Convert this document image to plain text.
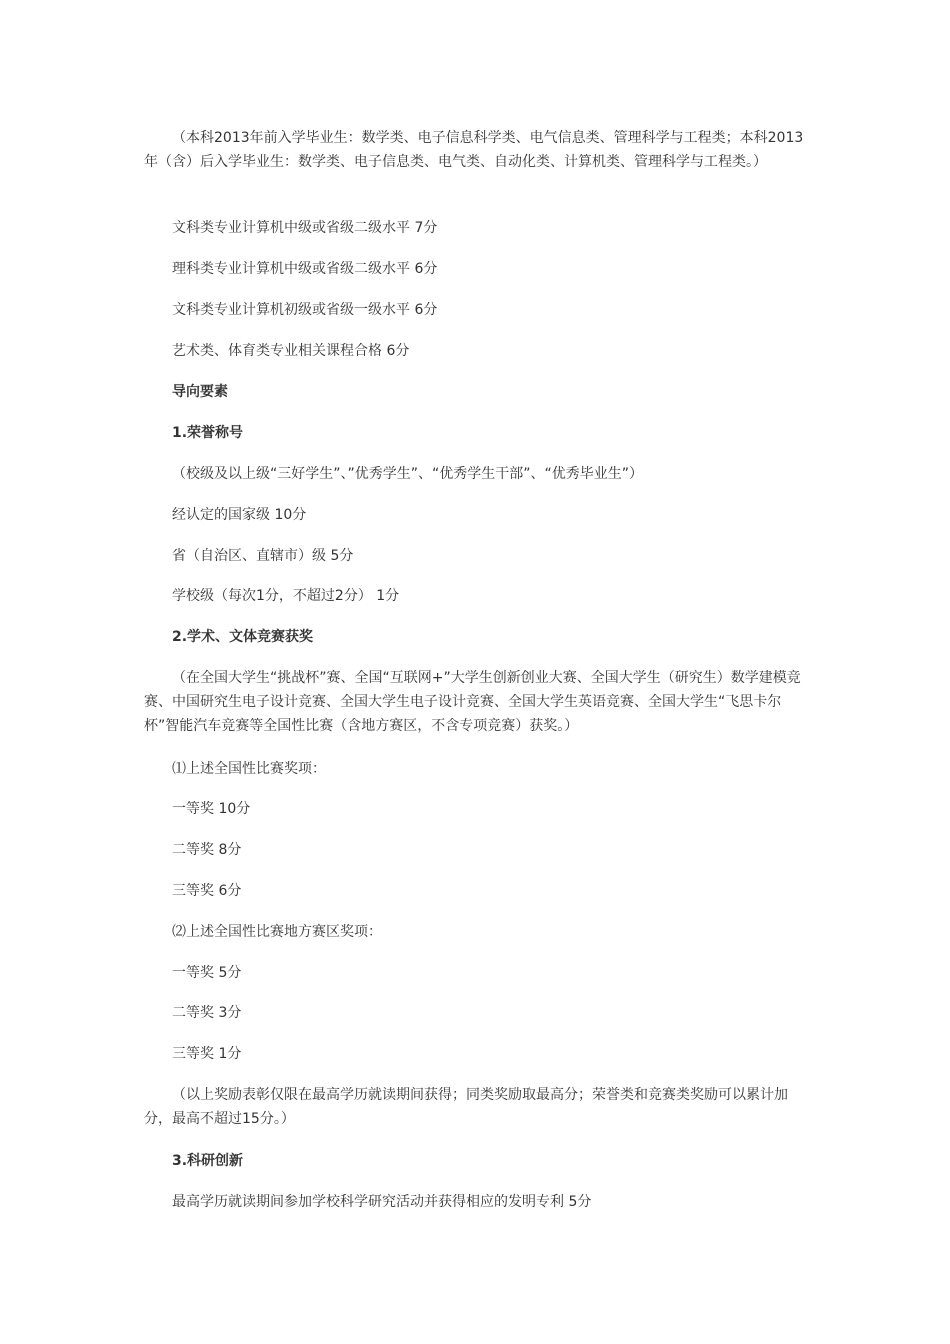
（本科2013年前入学毕业生：数学类、电子信息科学类、电气信息类、管理科学与工程类；本科2013年（含）后入学毕业生：数学类、电子信息类、电气类、自动化类、计算机类、管理科学与工程类。）

文科类专业计算机中级或省级二级水平 7分

理科类专业计算机中级或省级二级水平 6分

文科类专业计算机初级或省级一级水平 6分

艺术类、体育类专业相关课程合格 6分

导向要素

1.荣誉称号

（校级及以上级“三好学生”、”优秀学生”、“优秀学生干部”、“优秀毕业生”）

经认定的国家级 10分

省（自治区、直辖市）级 5分

学校级（每次1分，不超过2分） 1分

2.学术、文体竞赛获奖

（在全国大学生“挑战杯”赛、全国“互联网+”大学生创新创业大赛、全国大学生（研究生）数学建模竞赛、中国研究生电子设计竞赛、全国大学生电子设计竞赛、全国大学生英语竞赛、全国大学生“飞思卡尔杯”智能汽车竞赛等全国性比赛（含地方赛区，不含专项竞赛）获奖。）

⑴上述全国性比赛奖项：

一等奖 10分

二等奖 8分

三等奖 6分

⑵上述全国性比赛地方赛区奖项：

一等奖 5分

二等奖 3分

三等奖 1分

（以上奖励表彰仅限在最高学历就读期间获得；同类奖励取最高分；荣誉类和竞赛类奖励可以累计加分，最高不超过15分。）

3.科研创新

最高学历就读期间参加学校科学研究活动并获得相应的发明专利 5分
